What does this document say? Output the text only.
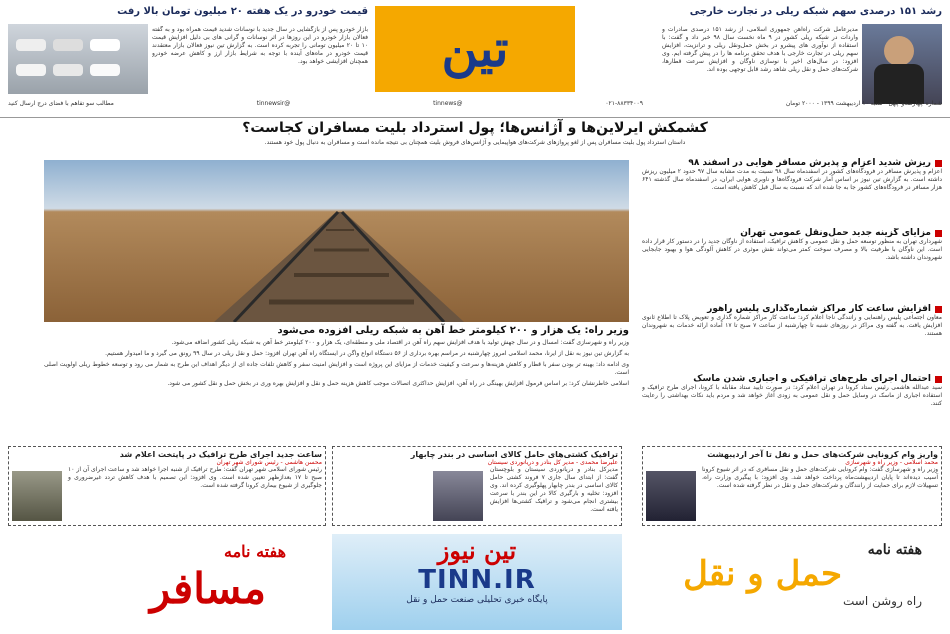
رشد ۱۵۱ درصدی سهم شبکه ریلی در تجارت خارجی
مدیرعامل شرکت راه‌آهن جمهوری اسلامی، از رشد ۱۵۱ درصدی صادرات و واردات در شبکه ریلی کشور در ۹ ماه نخست سال ۹۸ خبر داد و گفت: با استفاده از نوآوری های پیشرو در بخش حمل‌ونقل ریلی و ترانزیت، افزایش سهم ریلی در تجارت خارجی با هدف تحقق برنامه ها را در پیش گرفته ایم. وی افزود: در سال‌های اخیر با نوسازی ناوگان و افزایش سرعت قطارها، شرکت‌های حمل و نقل ریلی شاهد رشد قابل توجهی بوده اند.
تین
قیمت خودرو در یک هفته ۲۰ میلیون تومان بالا رفت
بازار خودرو پس از بازگشایی در سال جدید با نوسانات شدید قیمت همراه بود و به گفته فعالان بازار خودرو در این روزها در اثر نوسانات و گرانی های بی دلیل افزایش قیمت ۱۰ تا ۲۰ میلیون تومانی را تجربه کرده است. به گزارش تین نیوز فعالان بازار معتقدند قیمت خودرو در ماه‌های آینده با توجه به شرایط بازار ارز و کاهش عرضه خودرو همچنان افزایشی خواهد بود.
شماره چهارصدو چهل - شنبه ۱۰ اردیبهشت ۱۳۹۹ - ۲۰۰۰ تومان
۰۲۱-۸۸۳۳۴۰۰۹
@tinnews
@tinnewsir
مطالب سو تفاهم با فضای درج ارسال کنید
کشمکش ایرلاین‌ها و آژانس‌ها؛ پول استرداد بلیت مسافران کجاست؟
داستان استرداد پول بلیت مسافران پس از لغو پروازهای شرکت‌های هواپیمایی و آژانس‌های فروش بلیت همچنان بی نتیجه مانده است و مسافران به دنبال پول خود هستند.
وزیر راه: یک هزار و ۲۰۰ کیلومتر خط آهن به شبکه ریلی افزوده می‌شود
وزیر راه و شهرسازی گفت: امسال و در سال جهش تولید با هدف افزایش سهم راه آهن در اقتصاد ملی و منطقه‌ای، یک هزار و ۲۰۰ کیلومتر خط آهن به شبکه ریلی کشور اضافه می‌شود.
به گزارش تین نیوز به نقل از ایرنا، محمد اسلامی امروز چهارشنبه در مراسم بهره برداری از ۵۶ دستگاه انواع واگن در ایستگاه راه آهن تهران افزود: حمل و نقل ریلی در سال ۹۹ رونق می گیرد و ما امیدوار هستیم.
وی ادامه داد: بهینه تر بودن سفر با قطار و کاهش هزینه‌ها و سرعت و کیفیت خدمات از مزایای این پروژه است و افزایش امنیت سفر و کاهش تلفات جاده ای از دیگر اهداف این طرح به شمار می رود و توسعه خطوط ریلی اولویت اصلی است.
اسلامی خاطرنشان کرد: بر اساس فرمول افزایش بهینگی در راه آهن، افزایش حداکثری اتصالات موجب کاهش هزینه حمل و نقل و افزایش بهره وری در بخش حمل و نقل کشور می شود.
ریزش شدید اعزام و پذیرش مسافر هوایی در اسفند ۹۸
اعزام و پذیرش مسافر در فرودگاه‌های کشور در اسفندماه سال ۹۸ نسبت به مدت مشابه سال ۹۷ حدود ۲ میلیون ریزش داشته است. به گزارش تین نیوز بر اساس آمار شرکت فرودگاه‌ها و ناوبری هوایی ایران، در اسفندماه سال گذشته ۶۴۱ هزار مسافر در فرودگاه‌های کشور جا به جا شده اند که نسبت به سال قبل کاهش یافته است.
مزایای گزینه جدید حمل‌ونقل عمومی تهران
شهرداری تهران به منظور توسعه حمل و نقل عمومی و کاهش ترافیک، استفاده از ناوگان جدید را در دستور کار قرار داده است. این ناوگان با ظرفیت بالا و مصرف سوخت کمتر می‌تواند نقش موثری در کاهش آلودگی هوا و بهبود جابجایی شهروندان داشته باشد.
افزایش ساعت کار مراکز شماره‌گذاری پلیس راهور
معاون اجتماعی پلیس راهنمایی و رانندگی ناجا اعلام کرد: ساعت کار مراکز شماره گذاری و تعویض پلاک تا اطلاع ثانوی افزایش یافت. به گفته وی مراکز در روزهای شنبه تا چهارشنبه از ساعت ۷ صبح تا ۱۷ آماده ارائه خدمات به شهروندان هستند.
احتمال اجرای طرح‌های ترافیکی و اجباری شدن ماسک
سید عبدالله هاشمی رئیس ستاد کرونا در تهران اعلام کرد: در صورت تایید ستاد مقابله با کرونا، اجرای طرح ترافیک و استفاده اجباری از ماسک در وسایل حمل و نقل عمومی به زودی آغاز خواهد شد و مردم باید نکات بهداشتی را رعایت کنند.
واریز وام کرونایی شرکت‌های حمل و نقل تا آخر اردیبهشت
محمد اسلامی - وزیر راه و شهرسازی
وزیر راه و شهرسازی گفت: وام کرونایی شرکت‌های حمل و نقل مسافری که در اثر شیوع کرونا آسیب دیده‌اند تا پایان اردیبهشت‌ماه پرداخت خواهد شد. وی افزود: با پیگیری وزارت راه، تسهیلات لازم برای حمایت از رانندگان و شرکت‌های حمل و نقل در نظر گرفته شده است.
ترافیک کشتی‌های حامل کالای اساسی در بندر چابهار
علیرضا محمدی - مدیر کل بنادر و دریانوردی سیستان
مدیرکل بنادر و دریانوردی سیستان و بلوچستان گفت: از ابتدای سال جاری ۷ فروند کشتی حامل کالای اساسی در بندر چابهار پهلوگیری کرده اند. وی افزود: تخلیه و بارگیری کالا در این بندر با سرعت بیشتری انجام می‌شود و ترافیک کشتی‌ها افزایش یافته است.
ساعت جدید اجرای طرح ترافیک در پایتخت اعلام شد
محسن هاشمی - رئیس شورای شهر تهران
رئیس شورای اسلامی شهر تهران گفت: طرح ترافیک از شنبه اجرا خواهد شد و ساعت اجرای آن از ۱۰ صبح تا ۱۷ بعدازظهر تعیین شده است. وی افزود: این تصمیم با هدف کاهش تردد غیرضروری و جلوگیری از شیوع بیماری کرونا گرفته شده است.
هفته نامه
حمل و نقل
راه روشن است
تین نیوز
TINN.IR
پایگاه خبری تحلیلی صنعت حمل و نقل
هفته نامه
مسافر
